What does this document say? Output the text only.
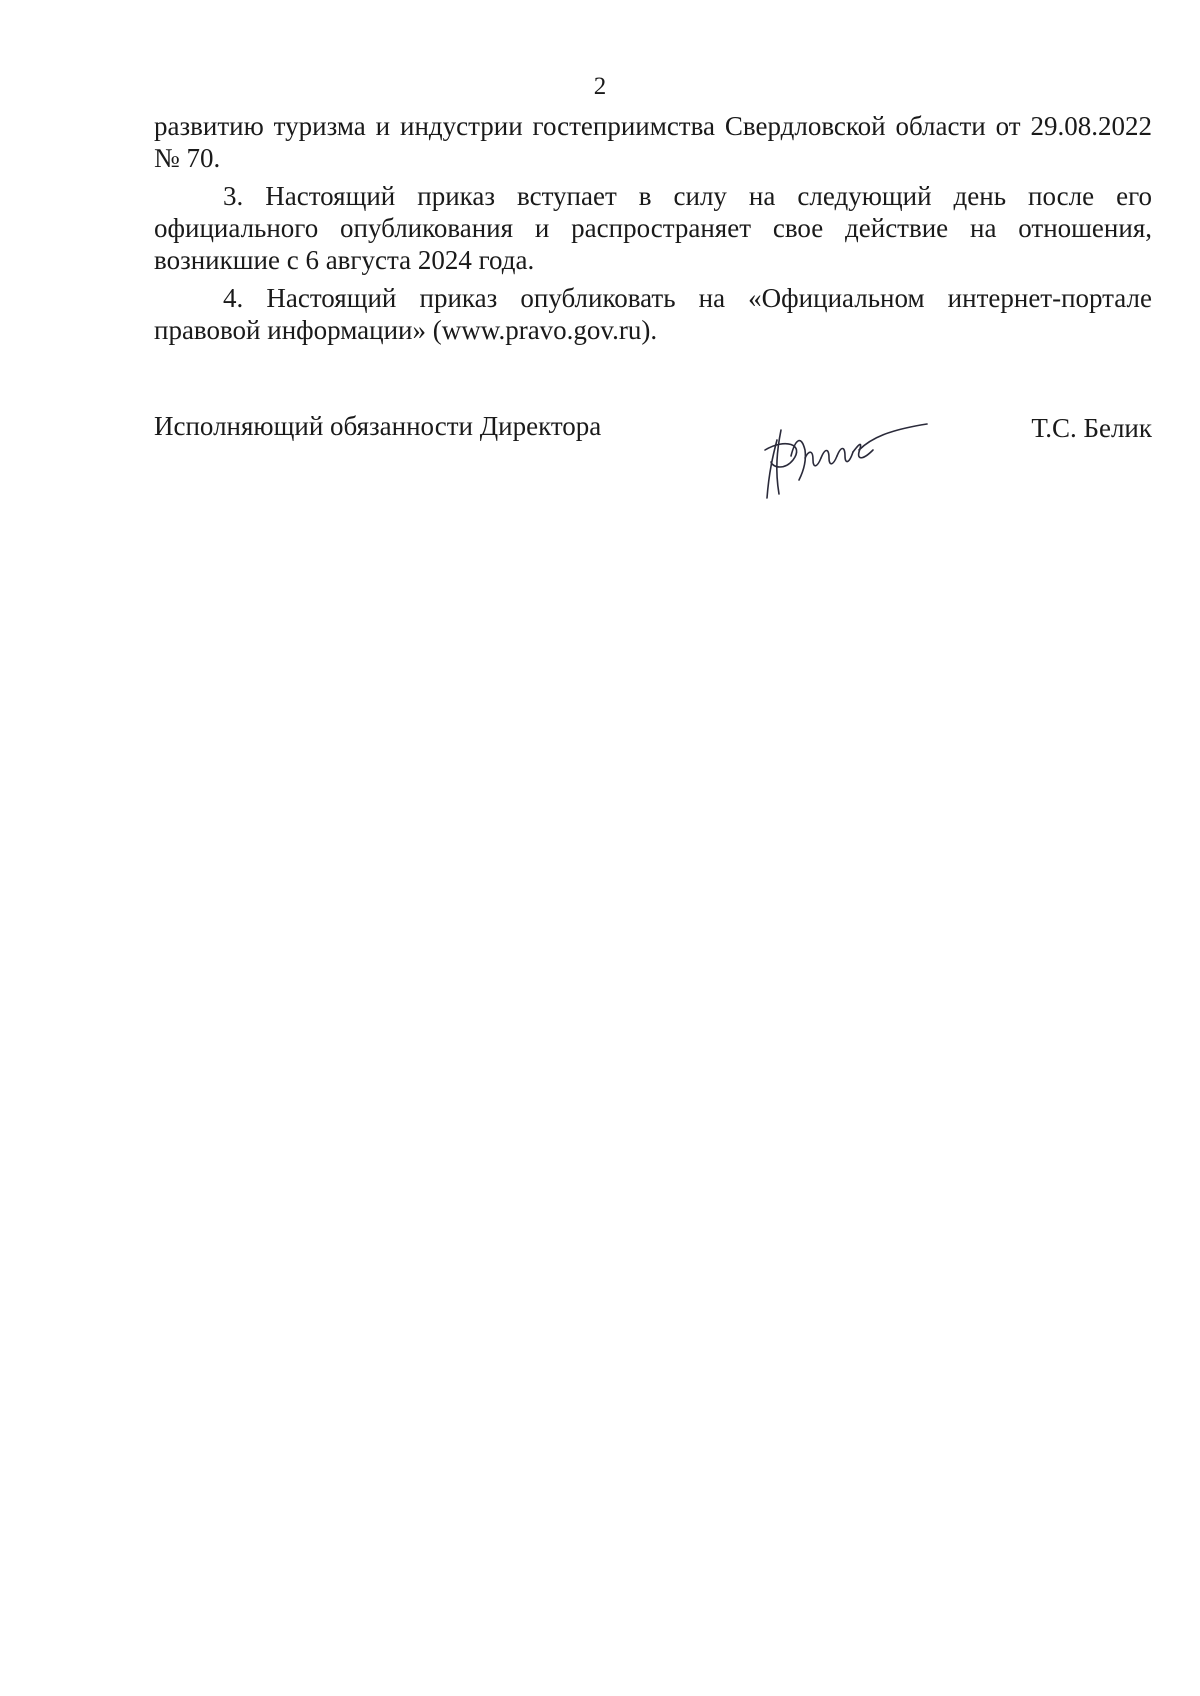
2

развитию туризма и индустрии гостеприимства Свердловской области от 29.08.2022 № 70.

3. Настоящий приказ вступает в силу на следующий день после его официального опубликования и распространяет свое действие на отношения, возникшие с 6 августа 2024 года.

4. Настоящий приказ опубликовать на «Официальном интернет-портале правовой информации» (www.pravo.gov.ru).

Исполняющий обязанности Директора	Т.С. Белик
